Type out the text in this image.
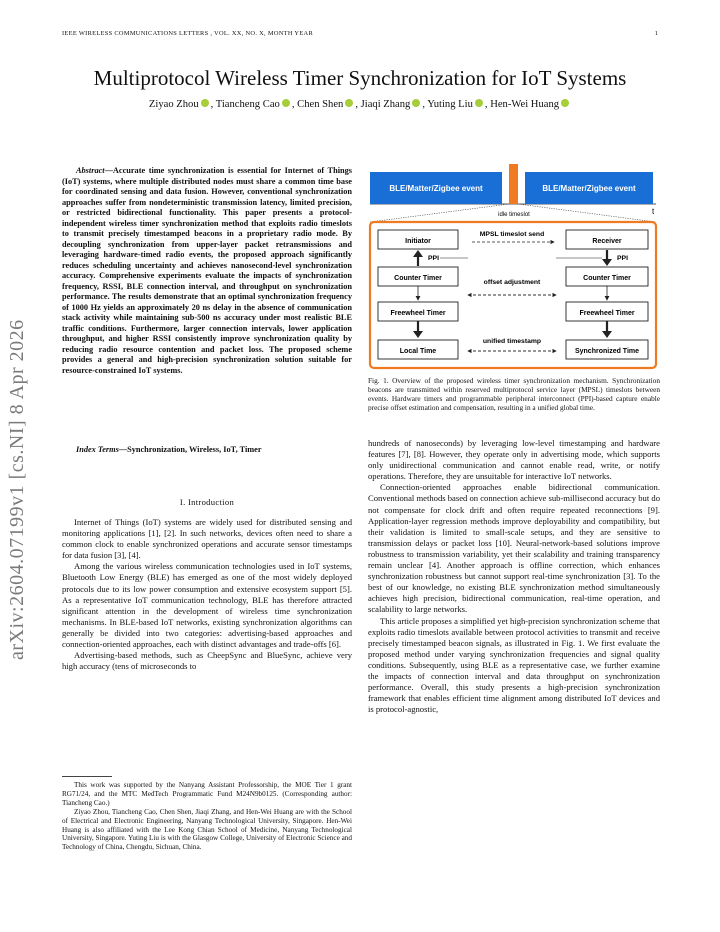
IEEE WIRELESS COMMUNICATIONS LETTERS , VOL. XX, NO. X, MONTH YEAR	1
arXiv:2604.07199v1 [cs.NI] 8 Apr 2026
Multiprotocol Wireless Timer Synchronization for IoT Systems
Ziyao Zhou , Tiancheng Cao , Chen Shen , Jiaqi Zhang , Yuting Liu , Hen-Wei Huang
Abstract—Accurate time synchronization is essential for Internet of Things (IoT) systems, where multiple distributed nodes must share a common time base for coordinated sensing and data fusion. However, conventional synchronization approaches suffer from nondeterministic transmission latency, limited precision, or restricted bidirectional functionality. This paper presents a protocol-independent wireless timer synchronization method that exploits radio timeslots to transmit precisely timestamped beacons in a proprietary radio mode. By decoupling synchronization from upper-layer packet retransmissions and leveraging hardware-timed radio events, the proposed approach significantly reduces scheduling uncertainty and achieves nanosecond-level synchronization accuracy. Comprehensive experiments evaluate the impacts of synchronization frequency, RSSI, BLE connection interval, and throughput on synchronization performance. The results demonstrate that an optimal synchronization frequency of 1000 Hz yields an approximately 20 ns delay in the absence of communication stack activity while maintaining sub-500 ns accuracy under most realistic BLE traffic conditions. Furthermore, larger connection intervals, lower application throughput, and higher RSSI consistently improve synchronization quality by reducing radio resource contention and packet loss. The proposed scheme provides a general and high-precision synchronization solution suitable for resource-constrained IoT systems.
Index Terms—Synchronization, Wireless, IoT, Timer
I. Introduction

Internet of Things (IoT) systems are widely used for distributed sensing and monitoring applications [1], [2]. In such networks, devices often need to share a common clock to enable synchronized operations and accurate sensor timestamps for data fusion [3], [4].

Among the various wireless communication technologies used in IoT systems, Bluetooth Low Energy (BLE) has emerged as one of the most widely deployed protocols due to its low power consumption and extensive ecosystem support [5]. As a representative IoT communication technology, BLE has therefore attracted significant attention in the development of wireless time synchronization mechanisms. In BLE-based IoT networks, existing synchronization algorithms can generally be divided into two categories: advertising-based approaches and connection-oriented approaches, each with distinct advantages and trade-offs [6].

Advertising-based methods, such as CheepSync and BlueSync, achieve very high accuracy (tens of microseconds to

This work was supported by the Nanyang Assistant Professorship, the MOE Tier 1 grant RG71/24, and the MTC MedTech Programmatic Fund M24N9b0125. (Corresponding author: Tiancheng Cao.)

Ziyao Zhou, Tiancheng Cao, Chen Shen, Jiaqi Zhang, and Hen-Wei Huang are with the School of Electrical and Electronic Engineering, Nanyang Technological University, Singapore. Hen-Wei Huang is also affiliated with the Lee Kong Chian School of Medicine, Nanyang Technological University, Singapore. Yuting Liu is with the Glasgow College, University of Electronic Science and Technology of China, Chengdu, Sichuan, China.

BLE/Matter/Zigbee event	BLE/Matter/Zigbee event
idle timeslot	t
Initiator
Counter Timer
Freewheel Timer
Local Time
Receiver
Counter Timer
Freewheel Timer
Synchronized Time
MPSL timeslot send
offset adjustment
unified timestamp
PPI	PPI
Fig. 1. Overview of the proposed wireless timer synchronization mechanism. Synchronization beacons are transmitted within reserved multiprotocol service layer (MPSL) timeslots between events. Hardware timers and programmable peripheral interconnect (PPI)-based capture enable precise offset estimation and compensation, resulting in a unified global time.

hundreds of nanoseconds) by leveraging low-level timestamping and hardware features [7], [8]. However, they operate only in advertising mode, which supports only unidirectional communication and cannot enable read, write, or notify operations. Therefore, they are unsuitable for interactive IoT networks.

Connection-oriented approaches enable bidirectional communication. Conventional methods based on connection achieve sub-millisecond accuracy but do not compensate for clock drift and often require repeated reconnections [9]. Application-layer regression methods improve deployability and compatibility, but their validation is limited to small-scale setups, and they are sensitive to transmission delays or packet loss [10]. Neural-network-based solutions improve robustness to transmission variability, yet their scalability and training transparency remain unclear [4]. Another approach is offline correction, which enhances synchronization robustness but cannot support real-time synchronization [3]. To the best of our knowledge, no existing BLE synchronization method simultaneously achieves high precision, bidirectional communication, real-time operation, and scalability to large networks.

This article proposes a simplified yet high-precision synchronization scheme that exploits radio timeslots available between protocol activities to transmit and receive precisely timestamped beacon signals, as illustrated in Fig. 1. We first evaluate the proposed method under varying synchronization frequencies and signal quality conditions. Subsequently, using BLE as a representative case, we further examine the impacts of connection interval and data throughput on synchronization performance. Overall, this study presents a high-precision synchronization framework that enables efficient time alignment among distributed IoT devices and is protocol-agnostic,
